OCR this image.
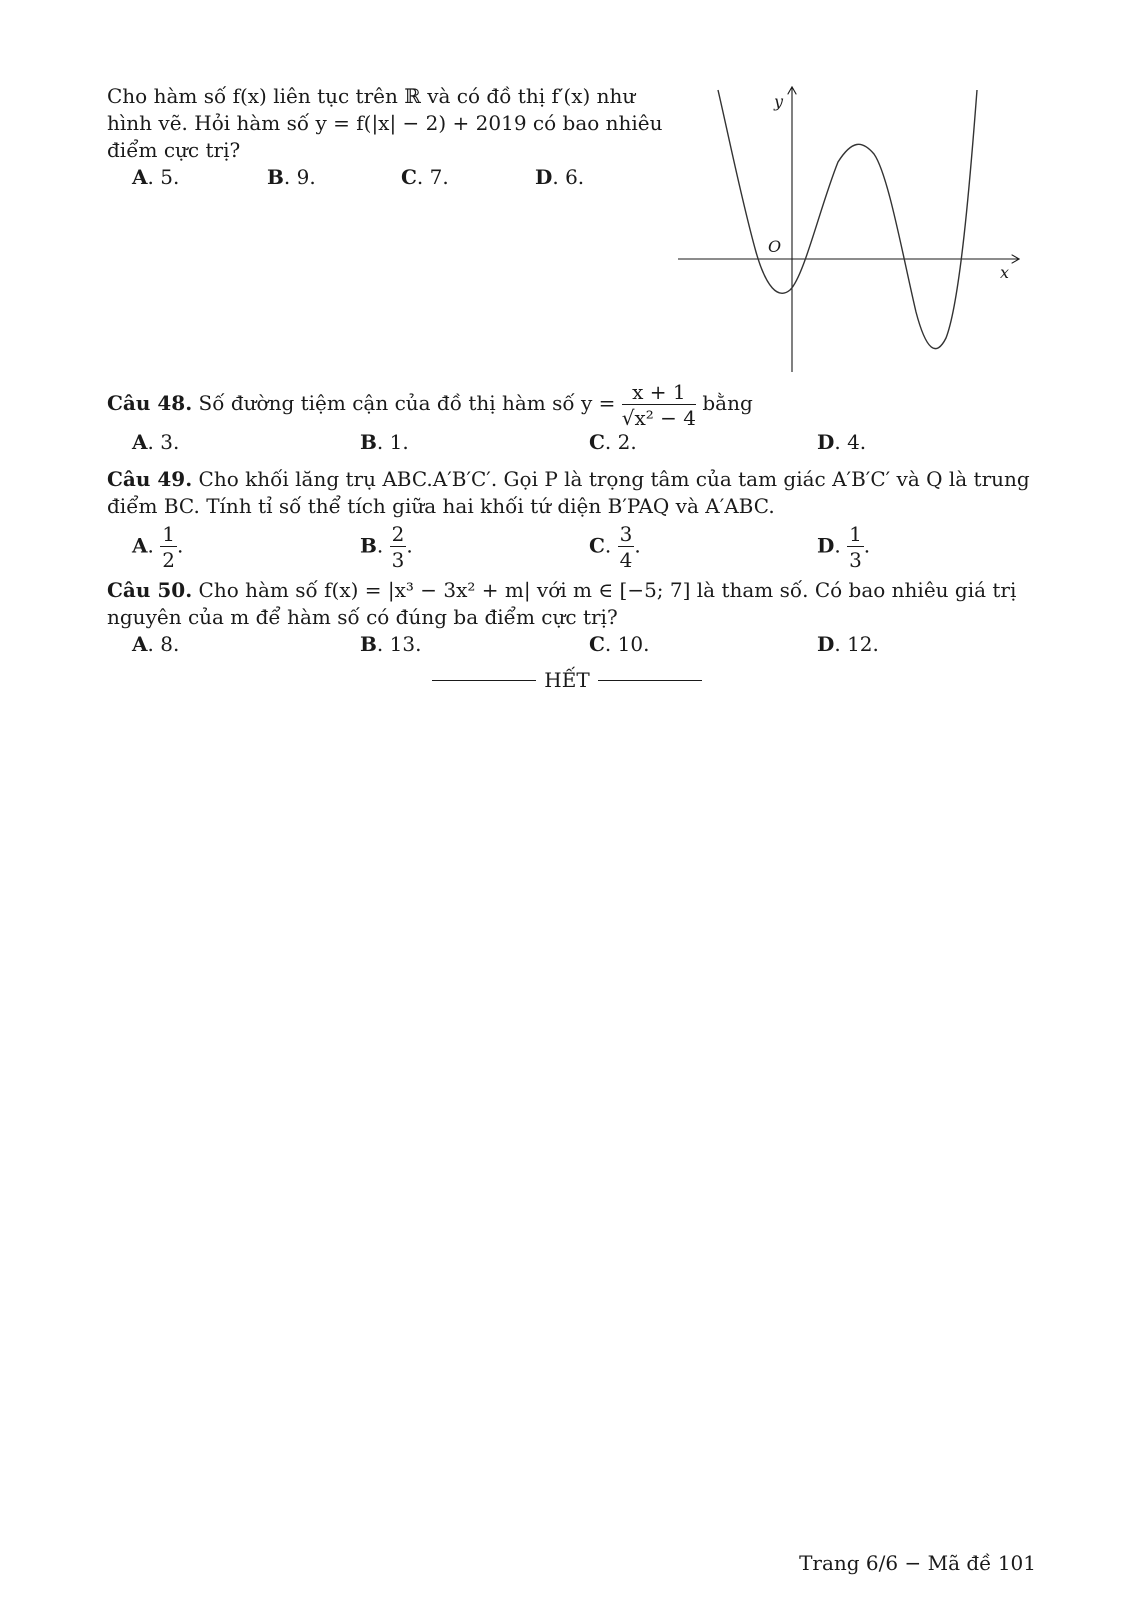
Cho hàm số f(x) liên tục trên ℝ và có đồ thị f′(x) như
hình vẽ. Hỏi hàm số y = f(|x| − 2) + 2019 có bao nhiêu
điểm cực trị?
A. 5.	B. 9.	C. 7.	D. 6.
y
x
O
Câu 48. Số đường tiệm cận của đồ thị hàm số $y = \frac{x + 1}{\text{√x² − 4}}$ bằng
A. 3.	B. 1.	C. 2.	D. 4.
Câu 49. Cho khối lăng trụ ABC.A′B′C′. Gọi P là trọng tâm của tam giác A′B′C′ và Q là trung
điểm BC. Tính tỉ số thể tích giữa hai khối tứ diện B′PAQ và A′ABC.
A. $\frac{1}{2}$ .	B. $\frac{2}{3}$ .	C. $\frac{3}{4}$ .	D. $\frac{1}{3}$ .
Câu 50. Cho hàm số f(x) = |x³ − 3x² + m| với m ∈ [−5; 7] là tham số. Có bao nhiêu giá trị
nguyên của m để hàm số có đúng ba điểm cực trị?
A. 8.	B. 13.	C. 10.	D. 12.
HẾT
Trang 6/6 − Mã đề 101
